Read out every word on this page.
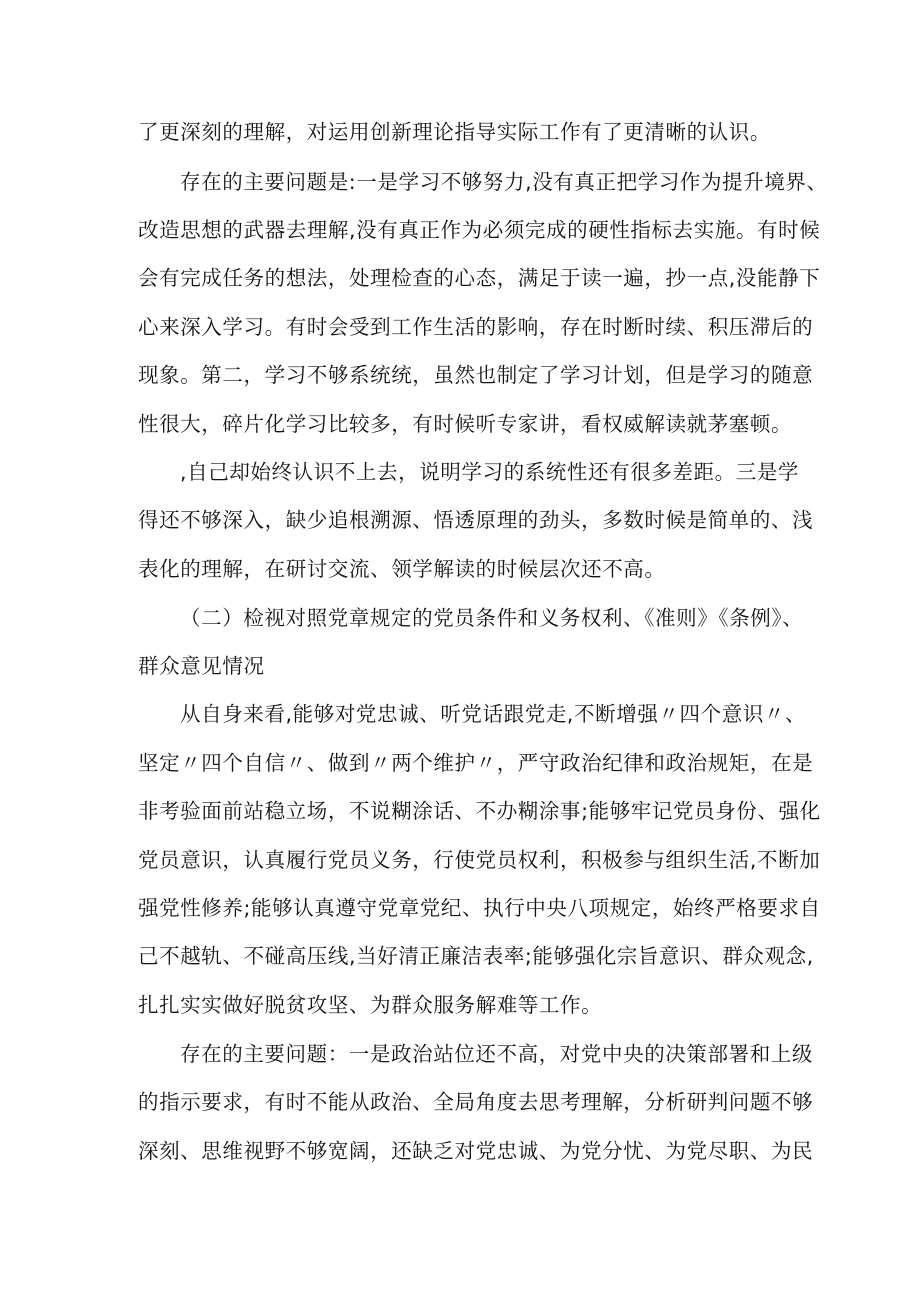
了更深刻的理解，对运用创新理论指导实际工作有了更清晰的认识。
存在的主要问题是:一是学习不够努力,没有真正把学习作为提升境界、
改造思想的武器去理解,没有真正作为必须完成的硬性指标去实施。有时候
会有完成任务的想法，处理检查的心态，满足于读一遍，抄一点,没能静下
心来深入学习。有时会受到工作生活的影响，存在时断时续、积压滞后的
现象。第二，学习不够系统统，虽然也制定了学习计划，但是学习的随意
性很大，碎片化学习比较多，有时候听专家讲，看权威解读就茅塞顿。
,自己却始终认识不上去，说明学习的系统性还有很多差距。三是学
得还不够深入，缺少追根溯源、悟透原理的劲头，多数时候是简单的、浅
表化的理解，在研讨交流、领学解读的时候层次还不高。
（二）检视对照党章规定的党员条件和义务权利、《准则》《条例》、
群众意见情况
从自身来看,能够对党忠诚、听党话跟党走,不断增强〃四个意识〃、
坚定〃四个自信〃、做到〃两个维护〃，严守政治纪律和政治规矩，在是
非考验面前站稳立场，不说糊涂话、不办糊涂事;能够牢记党员身份、强化
党员意识，认真履行党员义务，行使党员权利，积极参与组织生活,不断加
强党性修养;能够认真遵守党章党纪、执行中央八项规定，始终严格要求自
己不越轨、不碰高压线,当好清正廉洁表率;能够强化宗旨意识、群众观念,
扎扎实实做好脱贫攻坚、为群众服务解难等工作。
存在的主要问题：一是政治站位还不高，对党中央的决策部署和上级
的指示要求，有时不能从政治、全局角度去思考理解，分析研判问题不够
深刻、思维视野不够宽阔，还缺乏对党忠诚、为党分忧、为党尽职、为民
